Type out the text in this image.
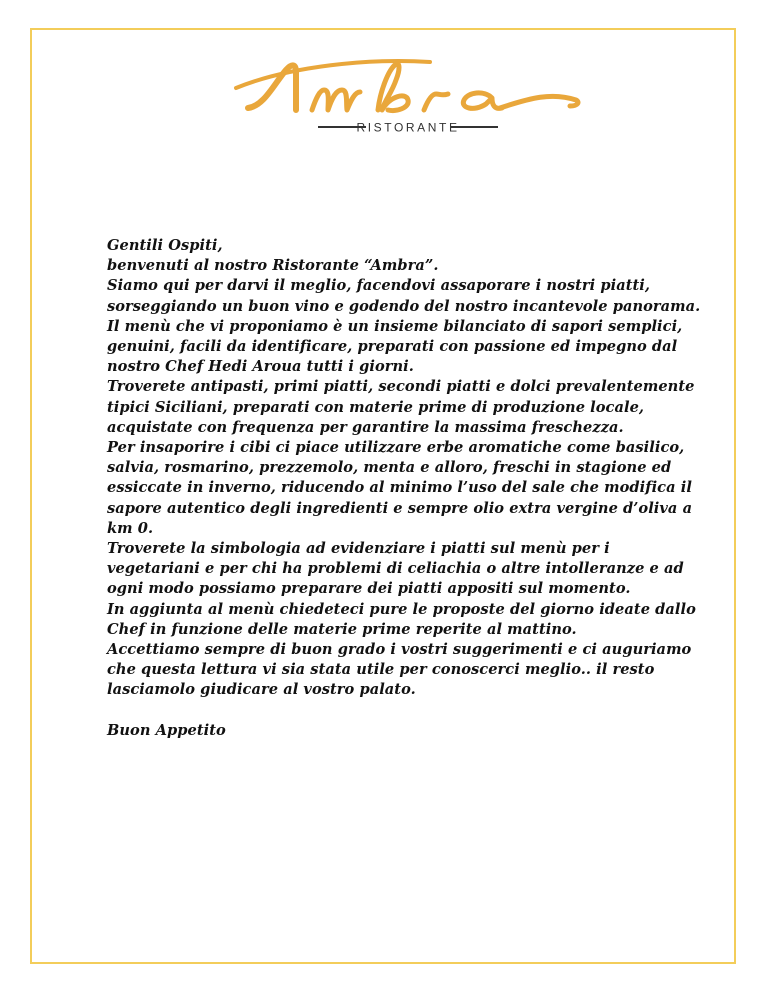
RISTORANTE

Gentili Ospiti,

benvenuti al nostro Ristorante “Ambra”.

Siamo qui per darvi il meglio, facendovi assaporare i nostri piatti,

sorseggiando un buon vino e godendo del nostro incantevole panorama.

Il menù che vi proponiamo è un insieme bilanciato di sapori semplici,

genuini, facili da identificare, preparati con passione ed impegno dal

nostro Chef Hedi Aroua tutti i giorni.

Troverete antipasti, primi piatti, secondi piatti e dolci prevalentemente

tipici Siciliani, preparati con materie prime di produzione locale,

acquistate con frequenza per garantire la massima freschezza.

Per insaporire i cibi ci piace utilizzare erbe aromatiche come basilico,

salvia, rosmarino, prezzemolo, menta e alloro, freschi in stagione ed

essiccate in inverno, riducendo al minimo l’uso del sale che modifica il

sapore autentico degli ingredienti e sempre olio extra vergine d’oliva a

km 0.

Troverete la simbologia ad evidenziare i piatti sul menù per i

vegetariani e per chi ha problemi di celiachia o altre intolleranze e ad

ogni modo possiamo preparare dei piatti appositi sul momento.

In aggiunta al menù chiedeteci pure le proposte del giorno ideate dallo

Chef in funzione delle materie prime reperite al mattino.

Accettiamo sempre di buon grado i vostri suggerimenti e ci auguriamo

che questa lettura vi sia stata utile per conoscerci meglio.. il resto

lasciamolo giudicare al vostro palato.

Buon Appetito
